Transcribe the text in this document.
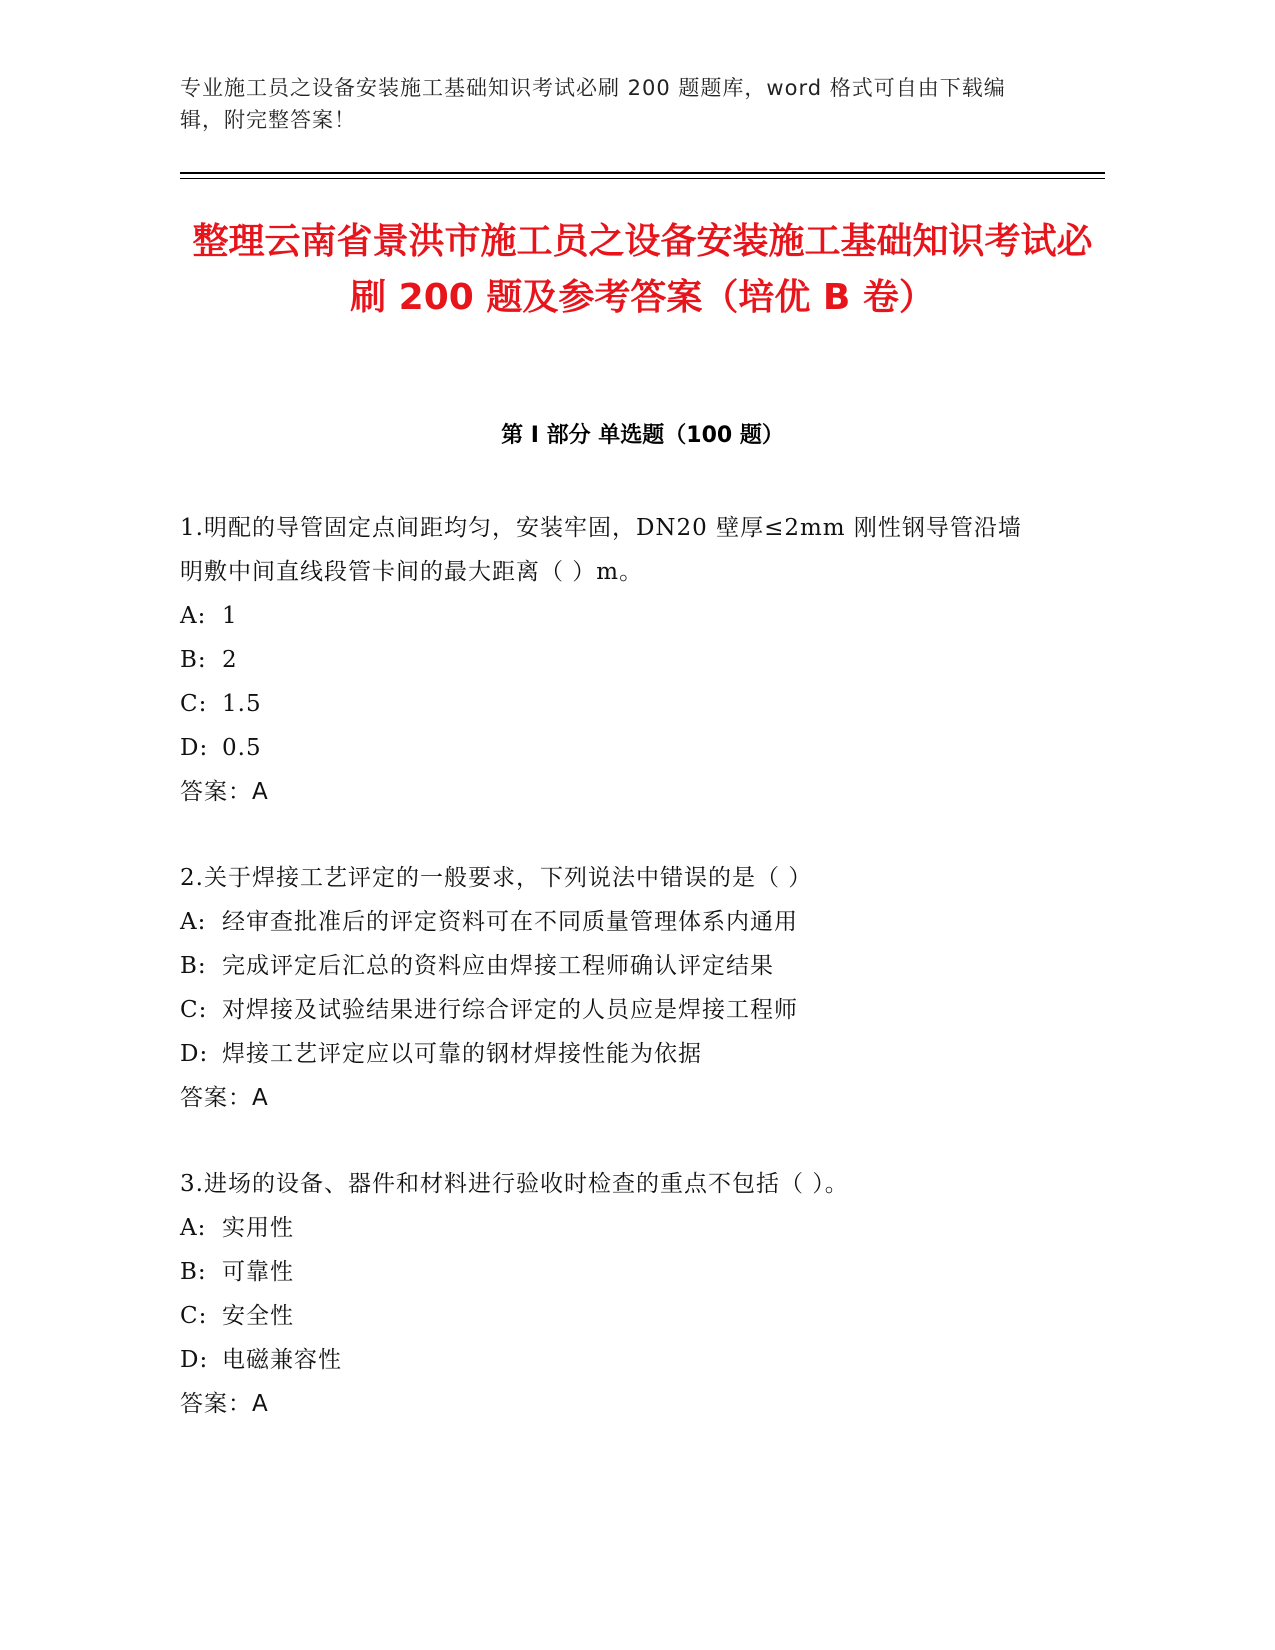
专业施工员之设备安装施工基础知识考试必刷 200 题题库，word 格式可自由下载编辑，附完整答案！
整理云南省景洪市施工员之设备安装施工基础知识考试必刷 200 题及参考答案（培优 B 卷）
第 I 部分 单选题（100 题）
1.明配的导管固定点间距均匀，安装牢固，DN20 壁厚≤2mm 刚性钢导管沿墙明敷中间直线段管卡间的最大距离（ ）m。
A: 1
B: 2
C: 1.5
D: 0.5
答案：A
2.关于焊接工艺评定的一般要求，下列说法中错误的是（ ）
A: 经审查批准后的评定资料可在不同质量管理体系内通用
B: 完成评定后汇总的资料应由焊接工程师确认评定结果
C: 对焊接及试验结果进行综合评定的人员应是焊接工程师
D: 焊接工艺评定应以可靠的钢材焊接性能为依据
答案：A
3.进场的设备、器件和材料进行验收时检查的重点不包括（ ）。
A: 实用性
B: 可靠性
C: 安全性
D: 电磁兼容性
答案：A
